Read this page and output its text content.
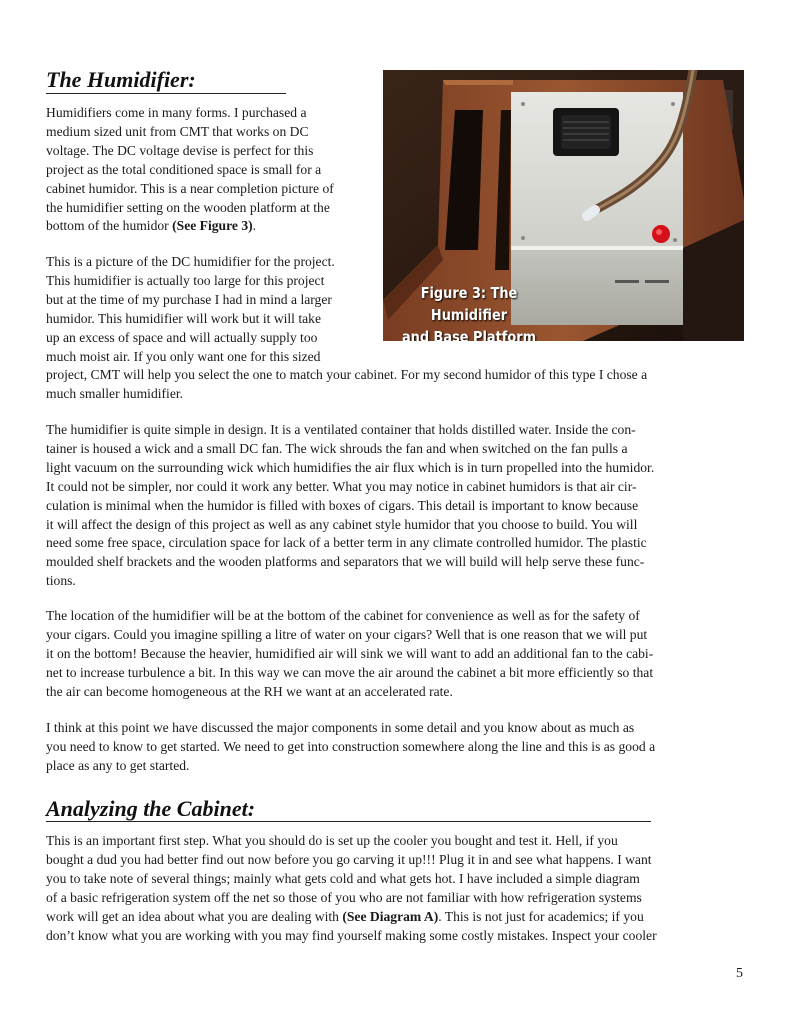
The Humidifier:
Figure 3: The Humidifier
and Base Platform
Humidifiers come in many forms. I purchased a
medium sized unit from CMT that works on DC
voltage. The DC voltage devise is perfect for this
project as the total conditioned space is small for a
cabinet humidor. This is a near completion picture of
the humidifier setting on the wooden platform at the
bottom of the humidor (See Figure 3).
This is a picture of the DC humidifier for the project.
This humidifier is actually too large for this project
but at the time of my purchase I had in mind a larger
humidor. This humidifier will work but it will take
up an excess of space and will actually supply too
much moist air. If you only want one for this sized
project, CMT will help you select the one to match your cabinet. For my second humidor of this type I chose a
much smaller humidifier.
The humidifier is quite simple in design. It is a ventilated container that holds distilled water. Inside the con-
tainer is housed a wick and a small DC fan. The wick shrouds the fan and when switched on the fan pulls a
light vacuum on the surrounding wick which humidifies the air flux which is in turn propelled into the humidor.
It could not be simpler, nor could it work any better. What you may notice in cabinet humidors is that air cir-
culation is minimal when the humidor is filled with boxes of cigars. This detail is important to know because
it will affect the design of this project as well as any cabinet style humidor that you choose to build. You will
need some free space, circulation space for lack of a better term in any climate controlled humidor. The plastic
moulded shelf brackets and the wooden platforms and separators that we will build will help serve these func-
tions.
The location of the humidifier will be at the bottom of the cabinet for convenience as well as for the safety of
your cigars. Could you imagine spilling a litre of water on your cigars? Well that is one reason that we will put
it on the bottom! Because the heavier, humidified air will sink we will want to add an additional fan to the cabi-
net to increase turbulence a bit. In this way we can move the air around the cabinet a bit more efficiently so that
the air can become homogeneous at the RH we want at an accelerated rate.
I think at this point we have discussed the major components in some detail and you know about as much as
you need to know to get started. We need to get into construction somewhere along the line and this is as good a
place as any to get started.
Analyzing the Cabinet:
This is an important first step. What you should do is set up the cooler you bought and test it. Hell, if you
bought a dud you had better find out now before you go carving it up!!! Plug it in and see what happens. I want
you to take note of several things; mainly what gets cold and what gets hot. I have included a simple diagram
of a basic refrigeration system off the net so those of you who are not familiar with how refrigeration systems
work will get an idea about what you are dealing with (See Diagram A). This is not just for academics; if you
don’t know what you are working with you may find yourself making some costly mistakes. Inspect your cooler

5
